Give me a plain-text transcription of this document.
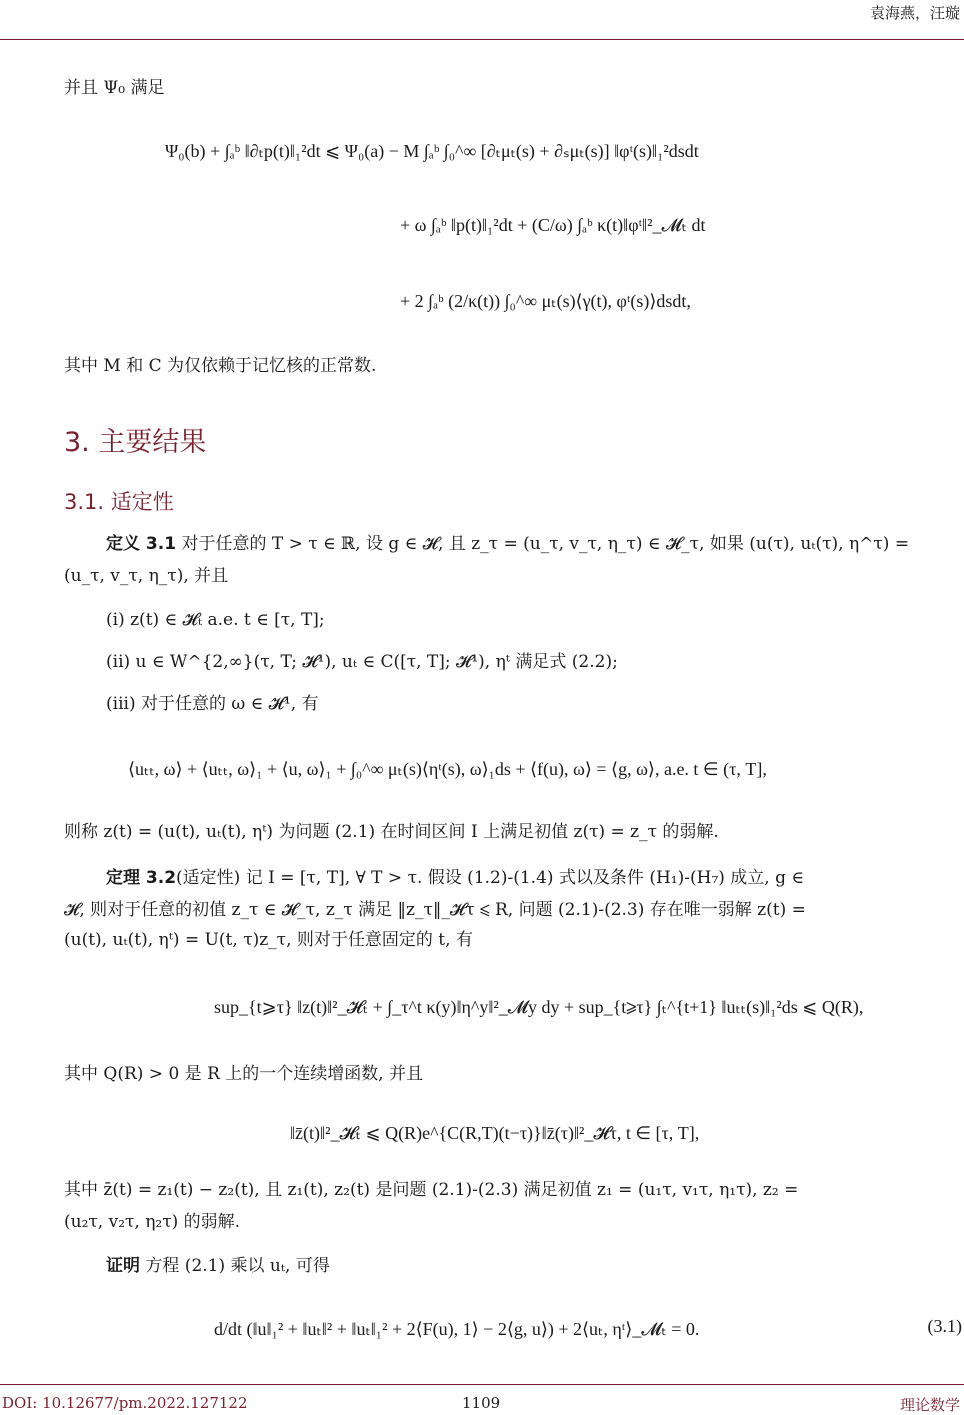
袁海燕，汪璇
并且 Ψ₀ 满足
Ψ₀(b) + ∫ₐᵇ ‖∂ₜp(t)‖₁²dt ⩽ Ψ₀(a) − M ∫ₐᵇ ∫₀^∞ [∂ₜμₜ(s) + ∂ₛμₜ(s)] ‖φᵗ(s)‖₁²dsdt
+ ω ∫ₐᵇ ‖p(t)‖₁²dt + (C/ω) ∫ₐᵇ κ(t)‖φᵗ‖²_𝓜ₜ dt
+ 2 ∫ₐᵇ (2/κ(t)) ∫₀^∞ μₜ(s)⟨γ(t), φᵗ(s)⟩dsdt,
其中 M 和 C 为仅依赖于记忆核的正常数.
3. 主要结果
3.1. 适定性
定义 3.1 对于任意的 T > τ ∈ ℝ, 设 g ∈ 𝓗, 且 z_τ = (u_τ, v_τ, η_τ) ∈ 𝓗_τ, 如果 (u(τ), uₜ(τ), η^τ) =
(u_τ, v_τ, η_τ), 并且
(i) z(t) ∈ 𝓗ₜ a.e. t ∈ [τ, T];
(ii) u ∈ W^{2,∞}(τ, T; 𝓗¹), uₜ ∈ C([τ, T]; 𝓗¹), ηᵗ 满足式 (2.2);
(iii) 对于任意的 ω ∈ 𝓗¹, 有
⟨uₜₜ, ω⟩ + ⟨uₜₜ, ω⟩₁ + ⟨u, ω⟩₁ + ∫₀^∞ μₜ(s)⟨ηᵗ(s), ω⟩₁ds + ⟨f(u), ω⟩ = ⟨g, ω⟩, a.e. t ∈ (τ, T],
则称 z(t) = (u(t), uₜ(t), ηᵗ) 为问题 (2.1) 在时间区间 I 上满足初值 z(τ) = z_τ 的弱解.
定理 3.2(适定性) 记 I = [τ, T], ∀ T > τ. 假设 (1.2)-(1.4) 式以及条件 (H₁)-(H₇) 成立, g ∈
𝓗, 则对于任意的初值 z_τ ∈ 𝓗_τ, z_τ 满足 ‖z_τ‖_𝓗τ ⩽ R, 问题 (2.1)-(2.3) 存在唯一弱解 z(t) =
(u(t), uₜ(t), ηᵗ) = U(t, τ)z_τ, 则对于任意固定的 t, 有
sup_{t⩾τ} ‖z(t)‖²_𝓗ₜ + ∫_τ^t κ(y)‖η^y‖²_𝓜y dy + sup_{t⩾τ} ∫ₜ^{t+1} ‖uₜₜ(s)‖₁²ds ⩽ Q(R),
其中 Q(R) > 0 是 R 上的一个连续增函数, 并且
‖z̄(t)‖²_𝓗ₜ ⩽ Q(R)e^{C(R,T)(t−τ)}‖z̄(τ)‖²_𝓗τ, t ∈ [τ, T],
其中 z̄(t) = z₁(t) − z₂(t), 且 z₁(t), z₂(t) 是问题 (2.1)-(2.3) 满足初值 z₁ = (u₁τ, v₁τ, η₁τ), z₂ =
(u₂τ, v₂τ, η₂τ) 的弱解.
证明 方程 (2.1) 乘以 uₜ, 可得
d/dt (‖u‖₁² + ‖uₜ‖² + ‖uₜ‖₁² + 2⟨F(u), 1⟩ − 2⟨g, u⟩) + 2⟨uₜ, ηᵗ⟩_𝓜ₜ = 0.	(3.1)
DOI: 10.12677/pm.2022.127122	1109	理论数学
